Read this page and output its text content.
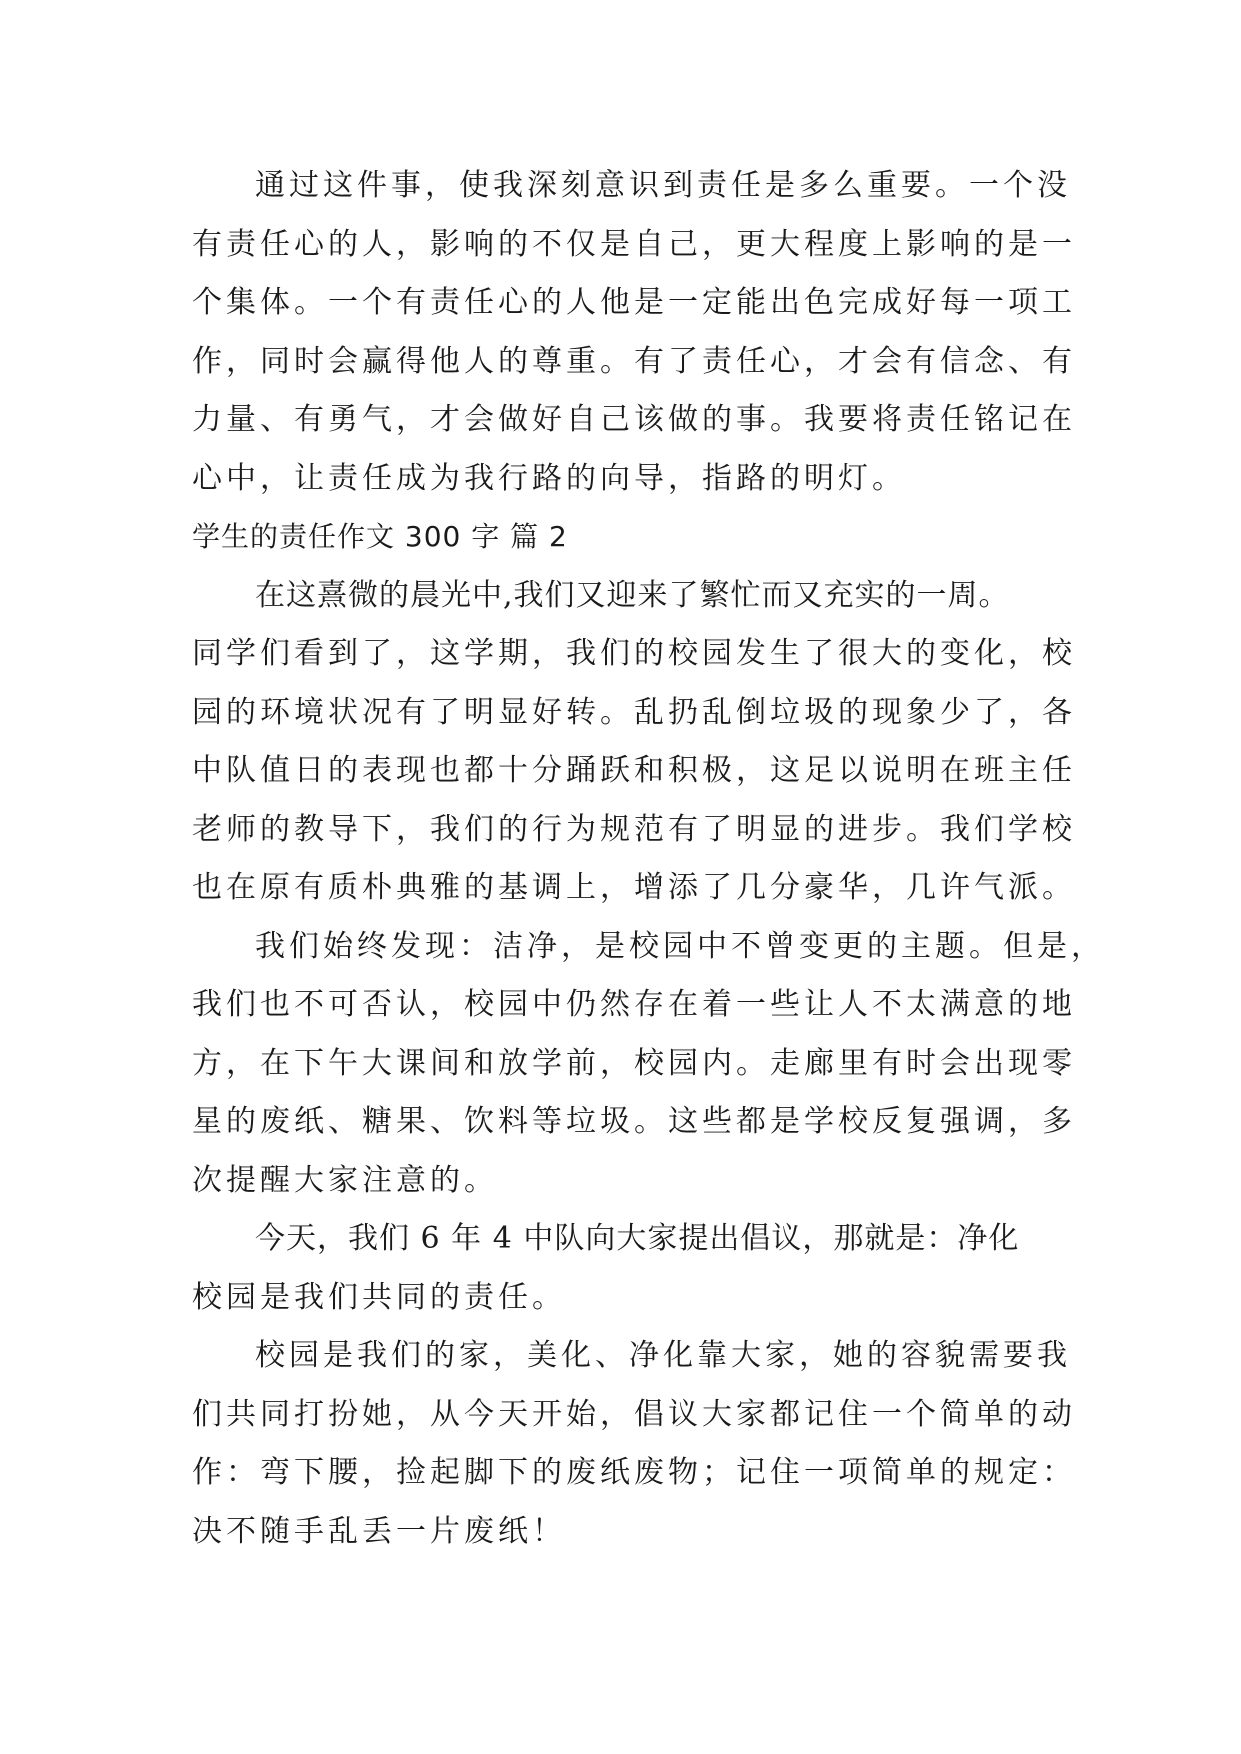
通过这件事，使我深刻意识到责任是多么重要。一个没
有责任心的人，影响的不仅是自己，更大程度上影响的是一
个集体。一个有责任心的人他是一定能出色完成好每一项工
作，同时会赢得他人的尊重。有了责任心，才会有信念、有
力量、有勇气，才会做好自己该做的事。我要将责任铭记在
心中，让责任成为我行路的向导，指路的明灯。
学生的责任作文 300 字 篇 2
在这熹微的晨光中,我们又迎来了繁忙而又充实的一周。
同学们看到了，这学期，我们的校园发生了很大的变化，校
园的环境状况有了明显好转。乱扔乱倒垃圾的现象少了，各
中队值日的表现也都十分踊跃和积极，这足以说明在班主任
老师的教导下，我们的行为规范有了明显的进步。我们学校
也在原有质朴典雅的基调上，增添了几分豪华，几许气派。
我们始终发现：洁净，是校园中不曾变更的主题。但是，
我们也不可否认，校园中仍然存在着一些让人不太满意的地
方，在下午大课间和放学前，校园内。走廊里有时会出现零
星的废纸、糖果、饮料等垃圾。这些都是学校反复强调，多
次提醒大家注意的。
今天，我们 6 年 4 中队向大家提出倡议，那就是：净化
校园是我们共同的责任。
校园是我们的家，美化、净化靠大家，她的容貌需要我
们共同打扮她，从今天开始，倡议大家都记住一个简单的动
作：弯下腰，捡起脚下的废纸废物；记住一项简单的规定：
决不随手乱丢一片废纸！
